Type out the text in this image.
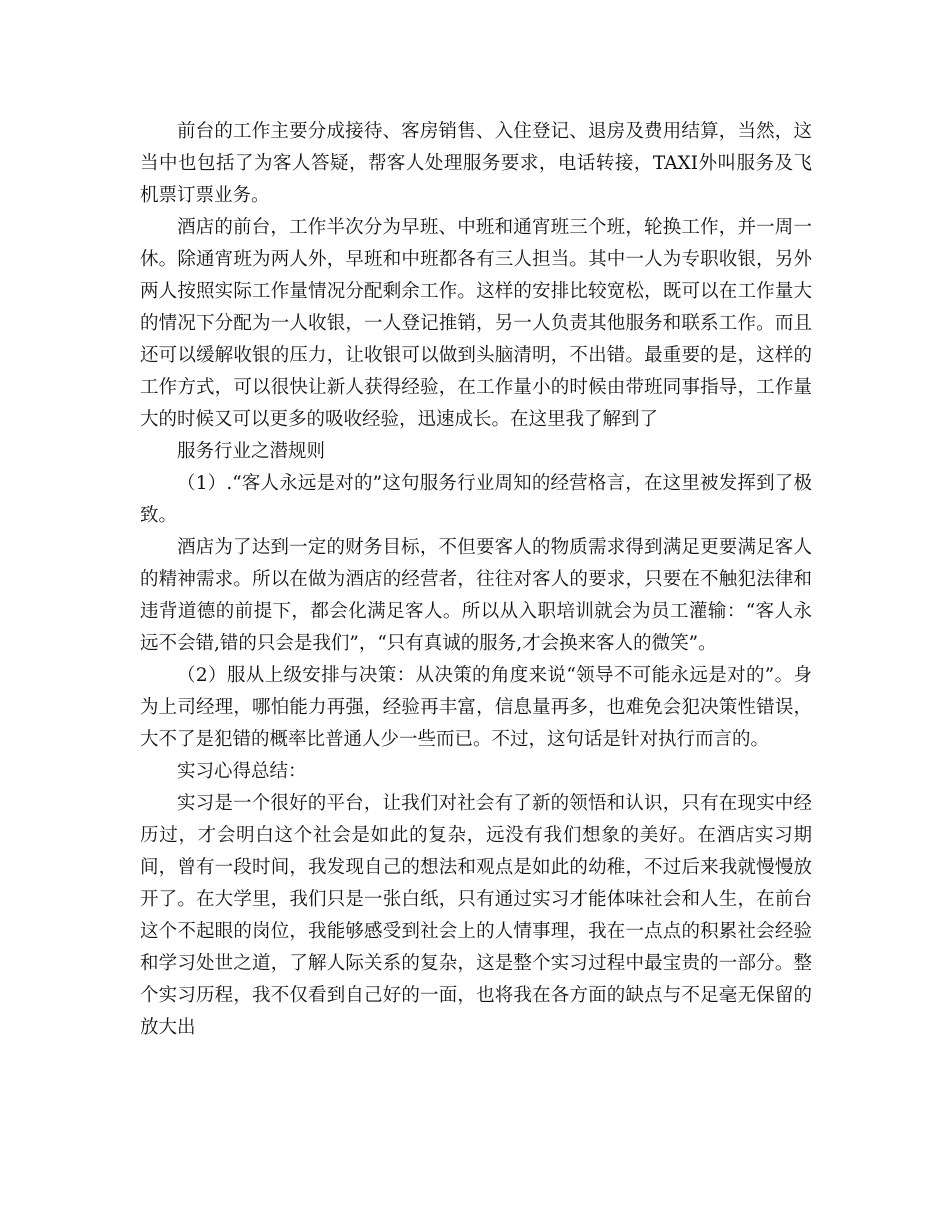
前台的工作主要分成接待、客房销售、入住登记、退房及费用结算，当然，这当中也包括了为客人答疑，帮客人处理服务要求，电话转接，TAXI外叫服务及飞机票订票业务。

酒店的前台，工作半次分为早班、中班和通宵班三个班，轮换工作，并一周一休。除通宵班为两人外，早班和中班都各有三人担当。其中一人为专职收银，另外两人按照实际工作量情况分配剩余工作。这样的安排比较宽松，既可以在工作量大的情况下分配为一人收银，一人登记推销，另一人负责其他服务和联系工作。而且还可以缓解收银的压力，让收银可以做到头脑清明，不出错。最重要的是，这样的工作方式，可以很快让新人获得经验，在工作量小的时候由带班同事指导，工作量大的时候又可以更多的吸收经验，迅速成长。在这里我了解到了

服务行业之潜规则

（1）.“客人永远是对的”这句服务行业周知的经营格言，在这里被发挥到了极致。

酒店为了达到一定的财务目标，不但要客人的物质需求得到满足更要满足客人的精神需求。所以在做为酒店的经营者，往往对客人的要求，只要在不触犯法律和违背道德的前提下，都会化满足客人。所以从入职培训就会为员工灌输：“客人永远不会错,错的只会是我们”，“只有真诚的服务,才会换来客人的微笑”。

（2）服从上级安排与决策：从决策的角度来说“领导不可能永远是对的”。身为上司经理，哪怕能力再强，经验再丰富，信息量再多，也难免会犯决策性错误，大不了是犯错的概率比普通人少一些而已。不过，这句话是针对执行而言的。

实习心得总结：

实习是一个很好的平台，让我们对社会有了新的领悟和认识，只有在现实中经历过，才会明白这个社会是如此的复杂，远没有我们想象的美好。在酒店实习期间，曾有一段时间，我发现自己的想法和观点是如此的幼稚，不过后来我就慢慢放开了。在大学里，我们只是一张白纸，只有通过实习才能体味社会和人生，在前台这个不起眼的岗位，我能够感受到社会上的人情事理，我在一点点的积累社会经验和学习处世之道，了解人际关系的复杂，这是整个实习过程中最宝贵的一部分。整个实习历程，我不仅看到自己好的一面，也将我在各方面的缺点与不足毫无保留的放大出
